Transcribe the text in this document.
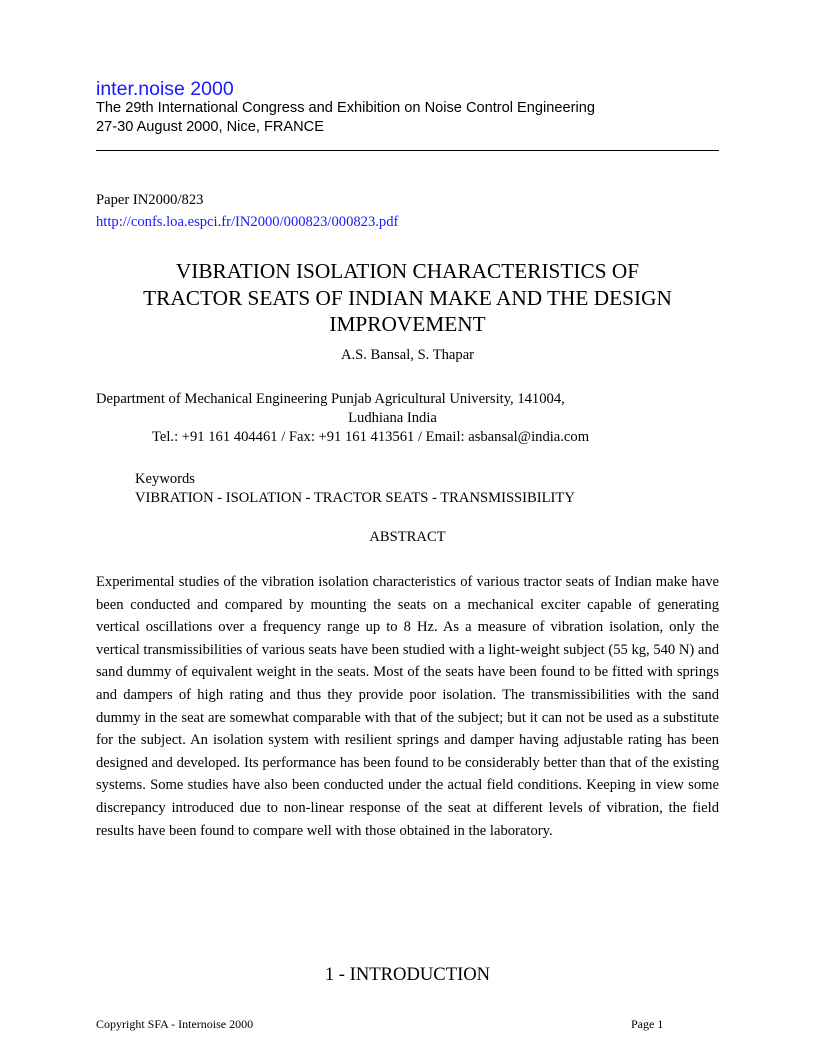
inter.noise 2000
The 29th International Congress and Exhibition on Noise Control Engineering
27-30 August 2000, Nice, FRANCE
Paper IN2000/823
http://confs.loa.espci.fr/IN2000/000823/000823.pdf
VIBRATION ISOLATION CHARACTERISTICS OF
TRACTOR SEATS OF INDIAN MAKE AND THE DESIGN
IMPROVEMENT
A.S. Bansal, S. Thapar
Department of Mechanical Engineering Punjab Agricultural University, 141004,
Ludhiana India
Tel.: +91 161 404461 / Fax: +91 161 413561 / Email: asbansal@india.com
Keywords
VIBRATION - ISOLATION - TRACTOR SEATS - TRANSMISSIBILITY
ABSTRACT

Experimental studies of the vibration isolation characteristics of various tractor seats of Indian make have been conducted and compared by mounting the seats on a mechanical exciter capable of generating vertical oscillations over a frequency range up to 8 Hz. As a measure of vibration isolation, only the vertical transmissibilities of various seats have been studied with a light-weight subject (55 kg, 540 N) and sand dummy of equivalent weight in the seats. Most of the seats have been found to be fitted with springs and dampers of high rating and thus they provide poor isolation. The transmissibilities with the sand dummy in the seat are somewhat comparable with that of the subject; but it can not be used as a substitute for the subject. An isolation system with resilient springs and damper having adjustable rating has been designed and developed. Its performance has been found to be considerably better than that of the existing systems. Some studies have also been conducted under the actual field conditions. Keeping in view some discrepancy introduced due to non-linear response of the seat at different levels of vibration, the field results have been found to compare well with those obtained in the laboratory.

1 - INTRODUCTION
Copyright SFA - Internoise 2000	Page 1
